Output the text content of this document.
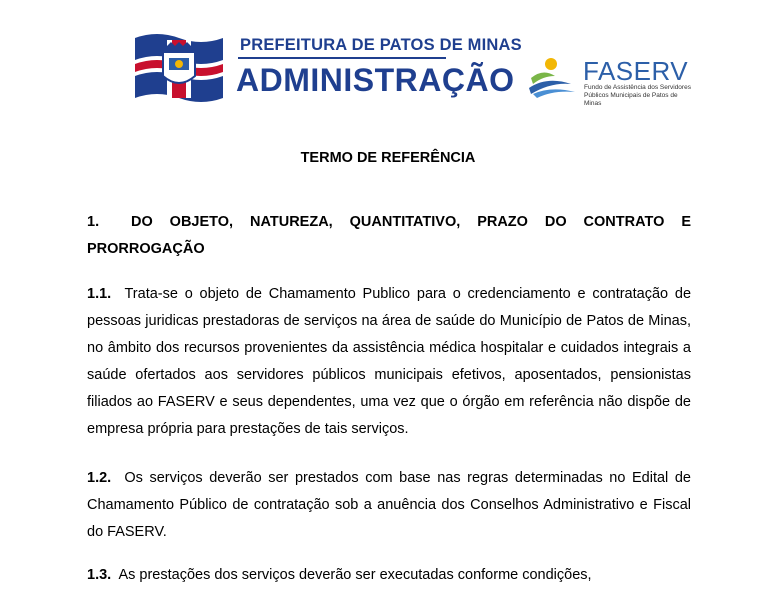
PREFEITURA DE PATOS DE MINAS
ADMINISTRAÇÃO	FASERV
Fundo de Assistência dos Servidores Públicos Municipais de Patos de Minas
TERMO DE REFERÊNCIA
1. DO OBJETO, NATUREZA, QUANTITATIVO, PRAZO DO CONTRATO E PRORROGAÇÃO
1.1. Trata-se o objeto de Chamamento Publico para o credenciamento e contratação de pessoas juridicas prestadoras de serviços na área de saúde do Município de Patos de Minas, no âmbito dos recursos provenientes da assistência médica hospitalar e cuidados integrais a saúde ofertados aos servidores públicos municipais efetivos, aposentados, pensionistas filiados ao FASERV e seus dependentes, uma vez que o órgão em referência não dispõe de empresa própria para prestações de tais serviços.
1.2. Os serviços deverão ser prestados com base nas regras determinadas no Edital de Chamamento Público de contratação sob a anuência dos Conselhos Administrativo e Fiscal do FASERV.
1.3. As prestações dos serviços deverão ser executadas conforme condições,
